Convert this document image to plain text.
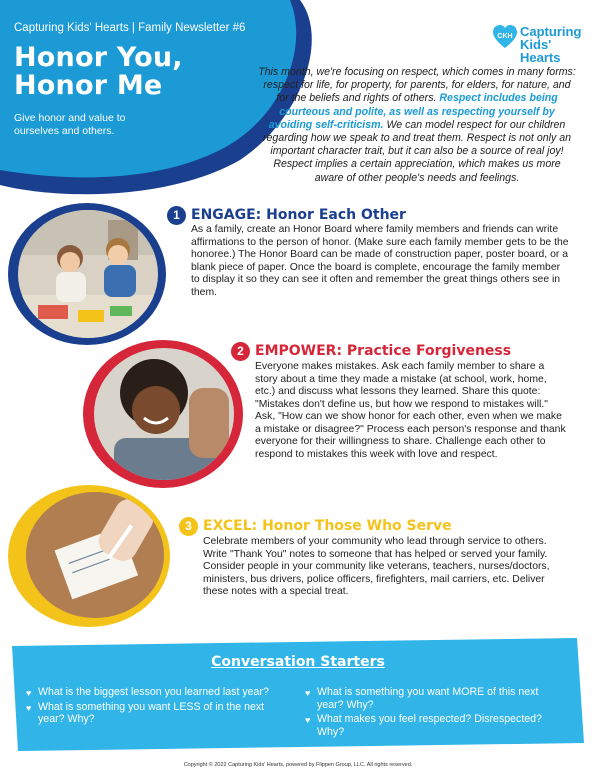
Capturing Kids' Hearts | Family Newsletter #6
Honor You,
Honor Me
Give honor and value to ourselves and others.
CKH Capturing
Kids' Hearts
This month, we're focusing on respect, which comes in many forms: respect for life, for property, for parents, for elders, for nature, and for the beliefs and rights of others. Respect includes being courteous and polite, as well as respecting yourself by avoiding self-criticism. We can model respect for our children regarding how we speak to and treat them. Respect is not only an important character trait, but it can also be a source of real joy! Respect implies a certain appreciation, which makes us more aware of other people's needs and feelings.
1 ENGAGE: Honor Each Other
As a family, create an Honor Board where family members and friends can write affirmations to the person of honor. (Make sure each family member gets to be the honoree.) The Honor Board can be made of construction paper, poster board, or a blank piece of paper. Once the board is complete, encourage the family member to display it so they can see it often and remember the great things others see in them.
2 EMPOWER: Practice Forgiveness
Everyone makes mistakes. Ask each family member to share a story about a time they made a mistake (at school, work, home, etc.) and discuss what lessons they learned. Share this quote: "Mistakes don't define us, but how we respond to mistakes will." Ask, "How can we show honor for each other, even when we make a mistake or disagree?" Process each person's response and thank everyone for their willingness to share. Challenge each other to respond to mistakes this week with love and respect.
3 EXCEL: Honor Those Who Serve
Celebrate members of your community who lead through service to others. Write "Thank You" notes to someone that has helped or served your family. Consider people in your community like veterans, teachers, nurses/doctors, ministers, bus drivers, police officers, firefighters, mail carriers, etc. Deliver these notes with a special treat.
Conversation Starters
♥ What is the biggest lesson you learned last year?
♥ What is something you want LESS of in the next year? Why?
♥ What is something you want MORE of this next year? Why?
♥ What makes you feel respected? Disrespected? Why?
Copyright © 2022 Capturing Kids' Hearts, powered by Flippen Group, LLC. All rights reserved.
